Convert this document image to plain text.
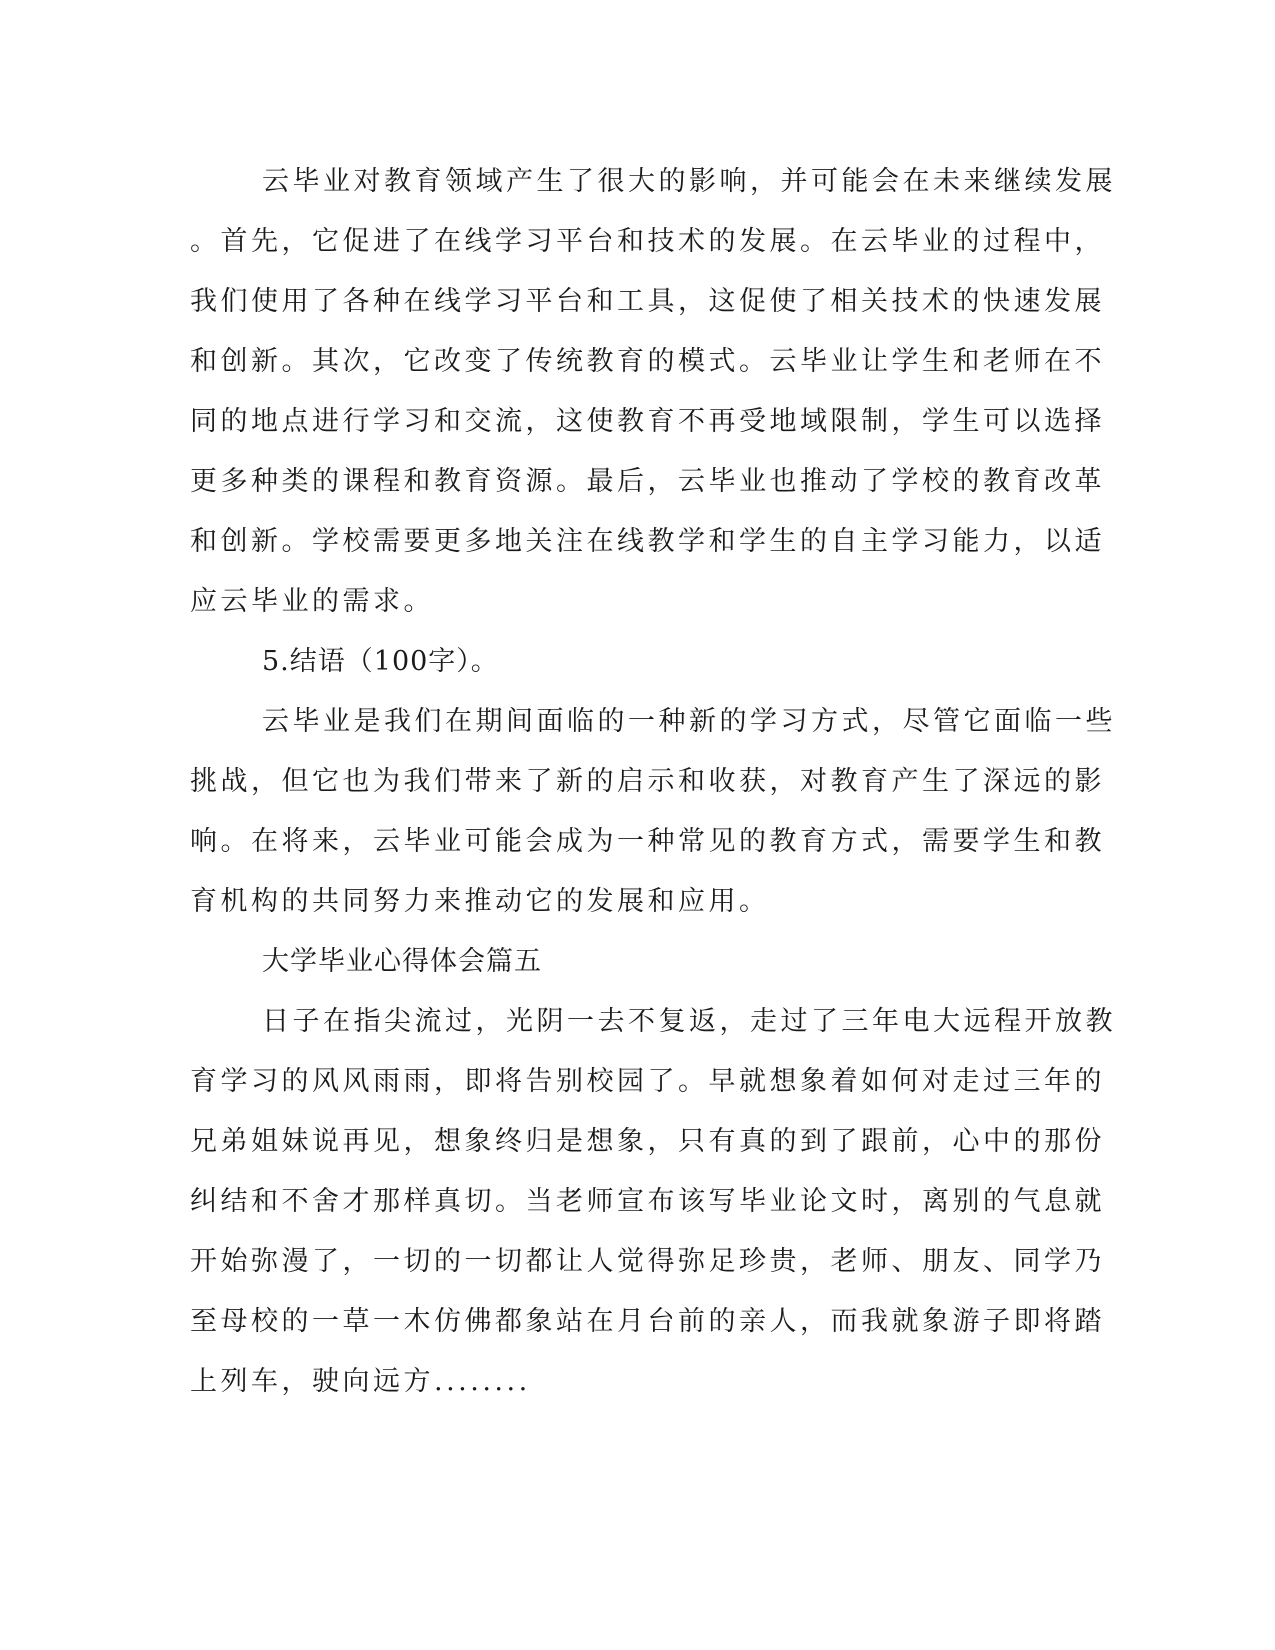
云毕业对教育领域产生了很大的影响，并可能会在未来继续发展
。首先，它促进了在线学习平台和技术的发展。在云毕业的过程中，
我们使用了各种在线学习平台和工具，这促使了相关技术的快速发展
和创新。其次，它改变了传统教育的模式。云毕业让学生和老师在不
同的地点进行学习和交流，这使教育不再受地域限制，学生可以选择
更多种类的课程和教育资源。最后，云毕业也推动了学校的教育改革
和创新。学校需要更多地关注在线教学和学生的自主学习能力，以适
应云毕业的需求。
5.结语（100字）。
云毕业是我们在期间面临的一种新的学习方式，尽管它面临一些
挑战，但它也为我们带来了新的启示和收获，对教育产生了深远的影
响。在将来，云毕业可能会成为一种常见的教育方式，需要学生和教
育机构的共同努力来推动它的发展和应用。
大学毕业心得体会篇五
日子在指尖流过，光阴一去不复返，走过了三年电大远程开放教
育学习的风风雨雨，即将告别校园了。早就想象着如何对走过三年的
兄弟姐妹说再见，想象终归是想象，只有真的到了跟前，心中的那份
纠结和不舍才那样真切。当老师宣布该写毕业论文时，离别的气息就
开始弥漫了，一切的一切都让人觉得弥足珍贵，老师、朋友、同学乃
至母校的一草一木仿佛都象站在月台前的亲人，而我就象游子即将踏
上列车，驶向远方........
